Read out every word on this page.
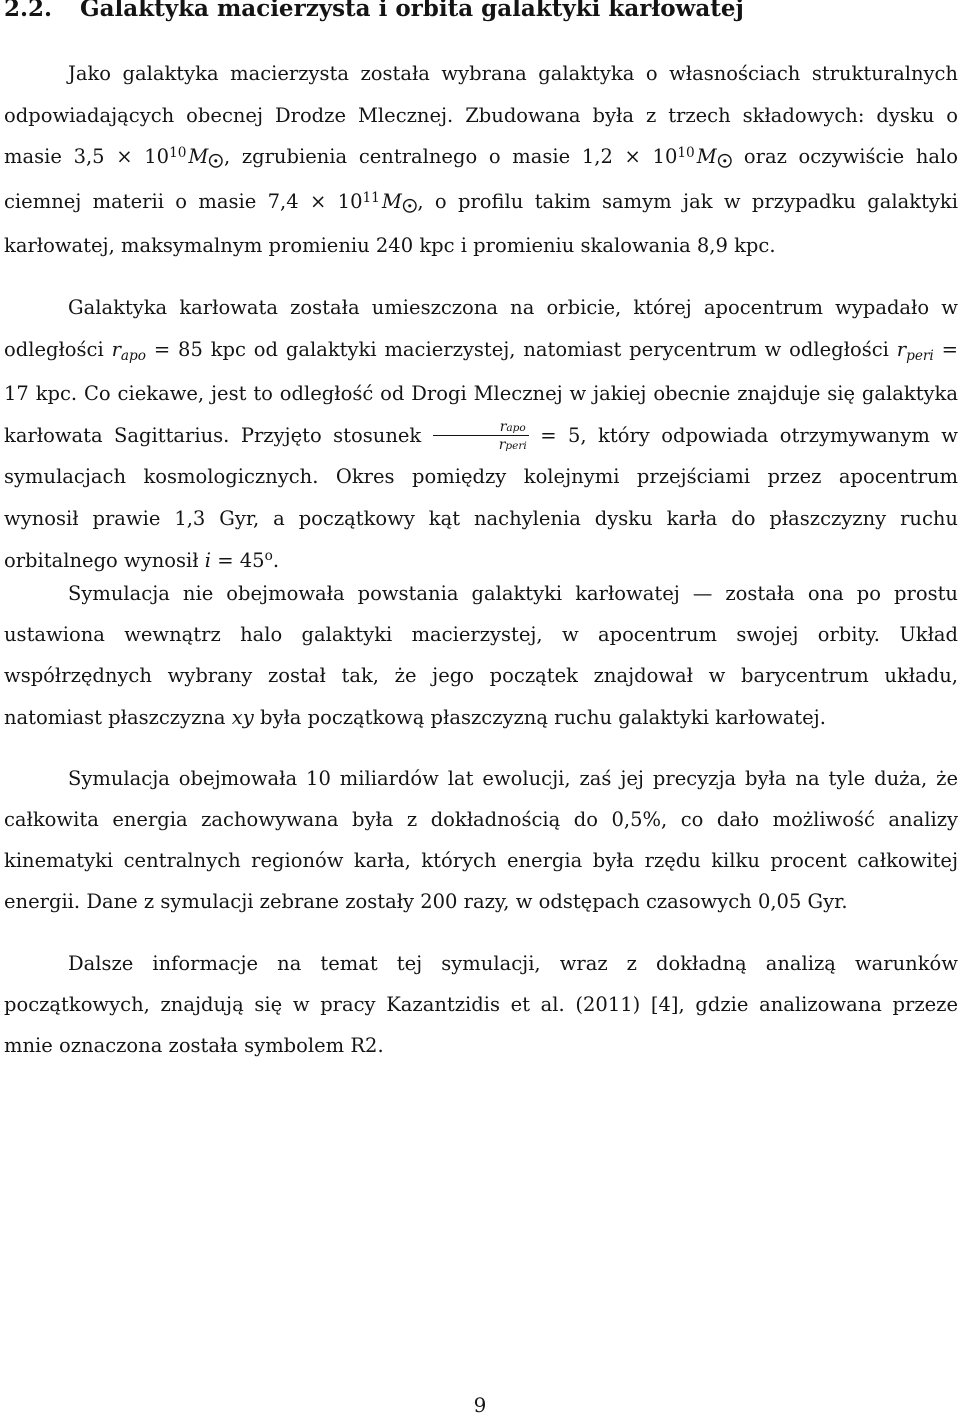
2.2. Galaktyka macierzysta i orbita galaktyki karłowatej

Jako galaktyka macierzysta została wybrana galaktyka o własnościach strukturalnych odpowiadających obecnej Drodze Mlecznej. Zbudowana była z trzech składowych: dysku o masie $3,5 \times 10^{10}$  M , zgrubienia centralnego o masie $1,2 \times 10^{10}$  M oraz oczywiście halo ciemnej materii o masie $7,4 \times 10^{11}$  M , o profilu takim samym jak w przypadku galaktyki karłowatej, maksymalnym promieniu 240 kpc i promieniu skalowania 8,9 kpc.

Galaktyka karłowata została umieszczona na orbicie, której apocentrum wypadało w odległości $r_{apo} = 85$ kpc od galaktyki macierzystej, natomiast perycentrum w odległości $r_{peri} = 17$ kpc. Co ciekawe, jest to odległość od Drogi Mlecznej w jakiej obecnie znajduje się galaktyka karłowata Sagittarius. Przyjęto stosunek $\frac{\text{rapo}}{\text{rperi}} = 5$, który odpowiada otrzymywanym w symulacjach kosmologicznych. Okres pomiędzy kolejnymi przejściami przez apocentrum wynosił prawie 1,3 Gyr, a początkowy kąt nachylenia dysku karła do płaszczyzny ruchu orbitalnego wynosił $i = 45^o$.

Symulacja nie obejmowała powstania galaktyki karłowatej — została ona po prostu ustawiona wewnątrz halo galaktyki macierzystej, w apocentrum swojej orbity. Układ współrzędnych wybrany został tak, że jego początek znajdował w barycentrum układu, natomiast płaszczyzna xy była początkową płaszczyzną ruchu galaktyki karłowatej.

Symulacja obejmowała 10 miliardów lat ewolucji, zaś jej precyzja była na tyle duża, że całkowita energia zachowywana była z dokładnością do 0,5%, co dało możliwość analizy kinematyki centralnych regionów karła, których energia była rzędu kilku procent całkowitej energii. Dane z symulacji zebrane zostały 200 razy, w odstępach czasowych 0,05 Gyr.

Dalsze informacje na temat tej symulacji, wraz z dokładną analizą warunków początkowych, znajdują się w pracy Kazantzidis et al. (2011) [4], gdzie analizowana przeze mnie oznaczona została symbolem R2.

9
